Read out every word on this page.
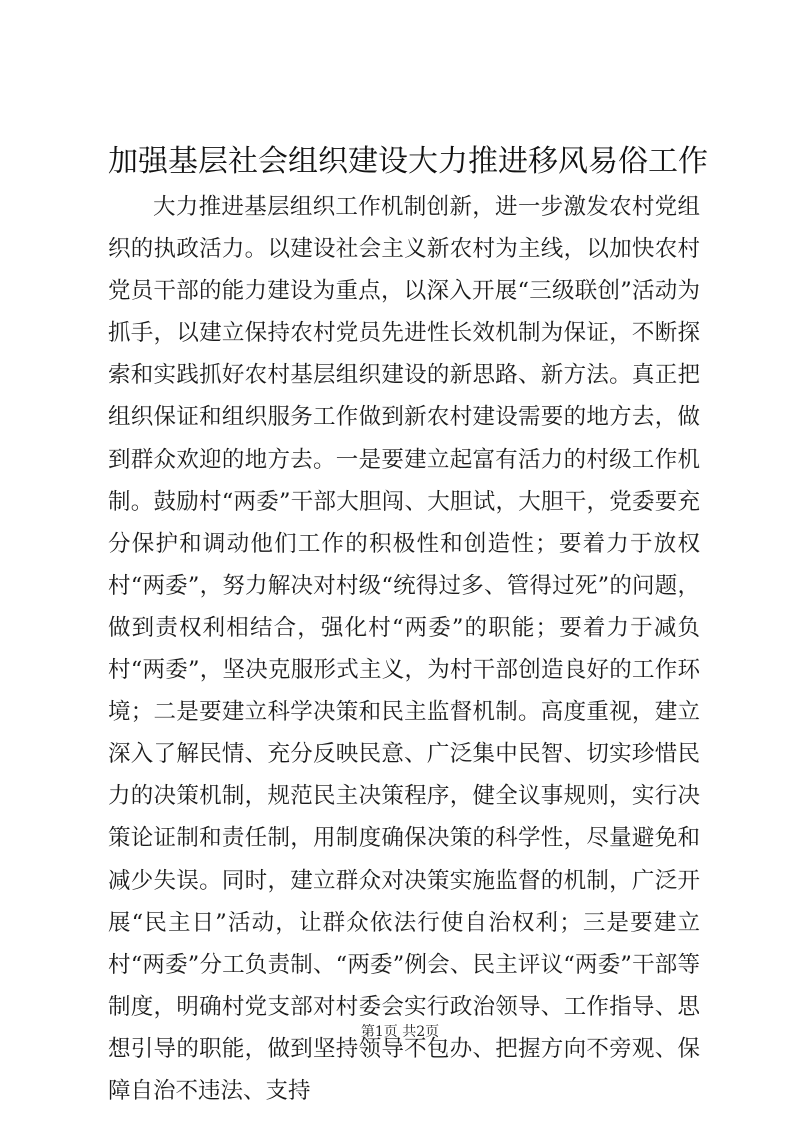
加强基层社会组织建设大力推进移风易俗工作

大力推进基层组织工作机制创新，进一步激发农村党组织的执政活力。以建设社会主义新农村为主线，以加快农村党员干部的能力建设为重点，以深入开展“三级联创”活动为抓手，以建立保持农村党员先进性长效机制为保证，不断探索和实践抓好农村基层组织建设的新思路、新方法。真正把组织保证和组织服务工作做到新农村建设需要的地方去，做到群众欢迎的地方去。一是要建立起富有活力的村级工作机制。鼓励村“两委”干部大胆闯、大胆试，大胆干，党委要充分保护和调动他们工作的积极性和创造性；要着力于放权村“两委”，努力解决对村级“统得过多、管得过死”的问题，做到责权利相结合，强化村“两委”的职能；要着力于减负村“两委”，坚决克服形式主义，为村干部创造良好的工作环境；二是要建立科学决策和民主监督机制。高度重视，建立深入了解民情、充分反映民意、广泛集中民智、切实珍惜民力的决策机制，规范民主决策程序，健全议事规则，实行决策论证制和责任制，用制度确保决策的科学性，尽量避免和减少失误。同时，建立群众对决策实施监督的机制，广泛开展“民主日”活动，让群众依法行使自治权利；三是要建立村“两委”分工负责制、“两委”例会、民主评议“两委”干部等制度，明确村党支部对村委会实行政治领导、工作指导、思想引导的职能，做到坚持领导不包办、把握方向不旁观、保障自治不违法、支持

第1页 共2页
